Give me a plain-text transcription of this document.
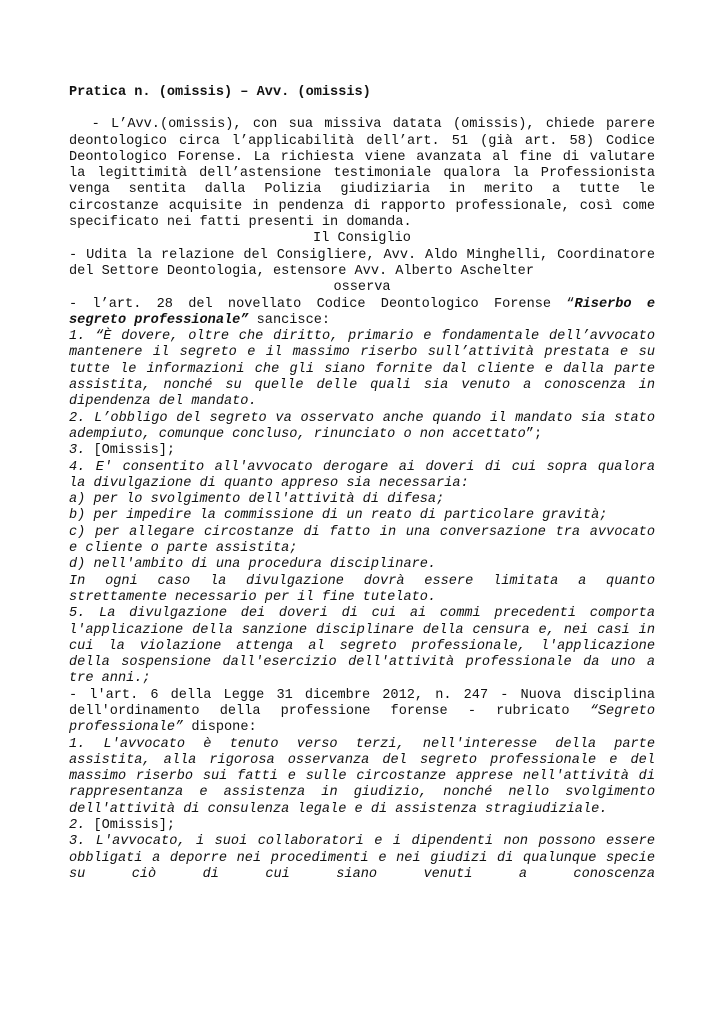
Pratica n. (omissis) – Avv. (omissis)

- L’Avv.(omissis), con sua missiva datata (omissis), chiede parere deontologico circa l’applicabilità dell’art. 51 (già art. 58) Codice Deontologico Forense. La richiesta viene avanzata al fine di valutare la legittimità dell’astensione testimoniale qualora la Professionista venga sentita dalla Polizia giudiziaria in merito a tutte le circostanze acquisite in pendenza di rapporto professionale, così come specificato nei fatti presenti in domanda.

Il Consiglio

- Udita la relazione del Consigliere, Avv. Aldo Minghelli, Coordinatore del Settore Deontologia, estensore Avv. Alberto Aschelter

osserva

- l’art. 28 del novellato Codice Deontologico Forense “Riserbo e segreto professionale” sancisce:

1. “È dovere, oltre che diritto, primario e fondamentale dell’avvocato mantenere il segreto e il massimo riserbo sull’attività prestata e su tutte le informazioni che gli siano fornite dal cliente e dalla parte assistita, nonché su quelle delle quali sia venuto a conoscenza in dipendenza del mandato.

2. L’obbligo del segreto va osservato anche quando il mandato sia stato adempiuto, comunque concluso, rinunciato o non accettato”;

3. [Omissis];

4. E' consentito all'avvocato derogare ai doveri di cui sopra qualora la divulgazione di quanto appreso sia necessaria:

a) per lo svolgimento dell'attività di difesa;

b) per impedire la commissione di un reato di particolare gravità;

c) per allegare circostanze di fatto in una conversazione tra avvocato e cliente o parte assistita;

d) nell'ambito di una procedura disciplinare.

In ogni caso la divulgazione dovrà essere limitata a quanto strettamente necessario per il fine tutelato.

5. La divulgazione dei doveri di cui ai commi precedenti comporta l'applicazione della sanzione disciplinare della censura e, nei casi in cui la violazione attenga al segreto professionale, l'applicazione della sospensione dall'esercizio dell'attività professionale da uno a tre anni.;

- l'art. 6 della Legge 31 dicembre 2012, n. 247 - Nuova disciplina dell'ordinamento della professione forense - rubricato “Segreto professionale” dispone:

1. L'avvocato è tenuto verso terzi, nell'interesse della parte assistita, alla rigorosa osservanza del segreto professionale e del massimo riserbo sui fatti e sulle circostanze apprese nell'attività di rappresentanza e assistenza in giudizio, nonché nello svolgimento dell'attività di consulenza legale e di assistenza stragiudiziale.

2. [Omissis];

3. L'avvocato, i suoi collaboratori e i dipendenti non possono essere obbligati a deporre nei procedimenti e nei giudizi di qualunque specie su ciò di cui siano venuti a conoscenza
